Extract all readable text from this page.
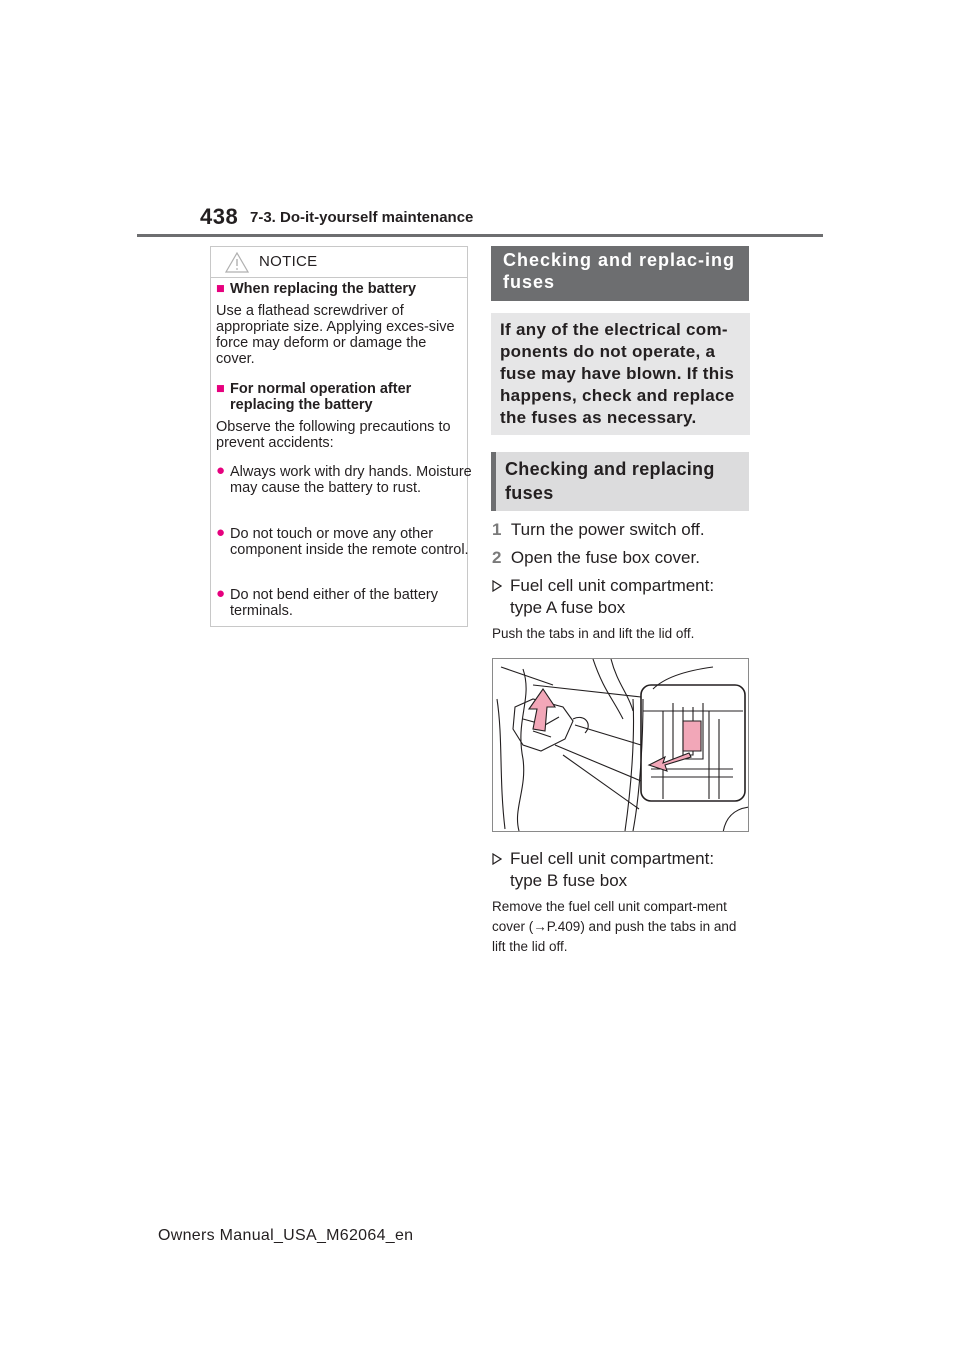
438 7-3. Do-it-yourself maintenance
NOTICE
■ When replacing the battery
Use a flathead screwdriver of appropriate size. Applying exces-sive force may deform or damage the cover.
■ For normal operation after replacing the battery
Observe the following precautions to prevent accidents:
● Always work with dry hands. Moisture may cause the battery to rust.
● Do not touch or move any other component inside the remote control.
● Do not bend either of the battery terminals.
Checking and replac-ing fuses
If any of the electrical com-ponents do not operate, a fuse may have blown. If this happens, check and replace the fuses as necessary.
Checking and replacing fuses
1 Turn the power switch off.
2 Open the fuse box cover.
Fuel cell unit compartment: type A fuse box
Push the tabs in and lift the lid off.
Fuel cell unit compartment: type B fuse box
Remove the fuel cell unit compart-ment cover (→P.409) and push the tabs in and lift the lid off.
Owners Manual_USA_M62064_en
